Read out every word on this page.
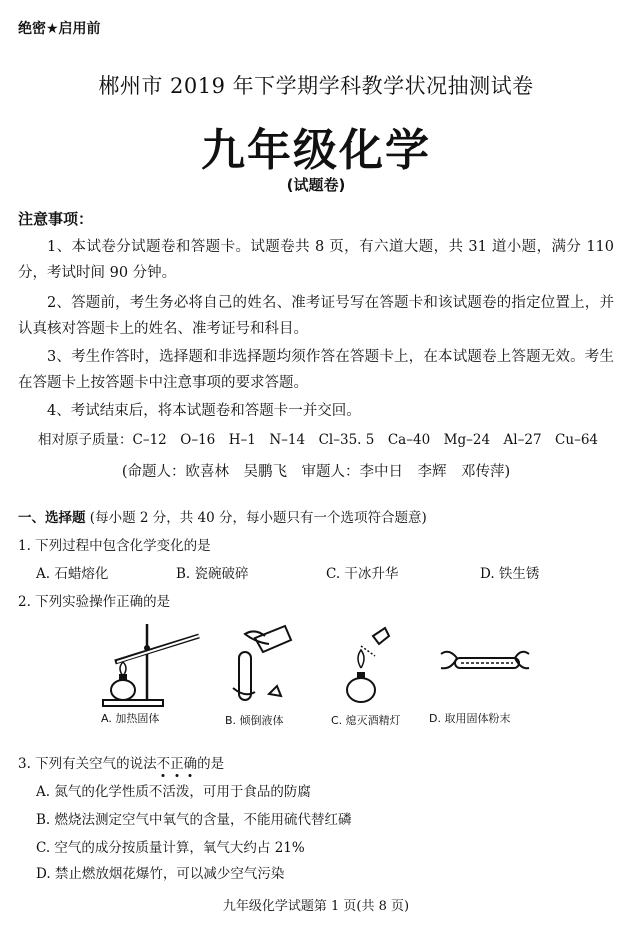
绝密★启用前
郴州市 2019 年下学期学科教学状况抽测试卷
九年级化学
(试题卷)
注意事项：
1、本试卷分试题卷和答题卡。试题卷共 8 页，有六道大题，共 31 道小题，满分 110 分，考试时间 90 分钟。
2、答题前，考生务必将自己的姓名、准考证号写在答题卡和该试题卷的指定位置上，并认真核对答题卡上的姓名、准考证号和科目。
3、考生作答时，选择题和非选择题均须作答在答题卡上，在本试题卷上答题无效。考生在答题卡上按答题卡中注意事项的要求答题。
4、考试结束后，将本试题卷和答题卡一并交回。
相对原子质量：C–12　O–16　H–1　N–14　Cl–35. 5　Ca–40　Mg–24　Al–27　Cu–64
(命题人：欧喜林　吴鹏飞　审题人：李中日　李辉　邓传萍)
一、选择题 (每小题 2 分，共 40 分，每小题只有一个选项符合题意)
1. 下列过程中包含化学变化的是
A. 石蜡熔化	B. 瓷碗破碎	C. 干冰升华	D. 铁生锈
2. 下列实验操作正确的是
A. 加热固体	B. 倾倒液体	C. 熄灭酒精灯	D. 取用固体粉末
3. 下列有关空气的说法不正确的是
A. 氮气的化学性质不活泼，可用于食品的防腐
B. 燃烧法测定空气中氧气的含量，不能用硫代替红磷
C. 空气的成分按质量计算，氧气大约占 21%
D. 禁止燃放烟花爆竹，可以减少空气污染
九年级化学试题第 1 页(共 8 页)
